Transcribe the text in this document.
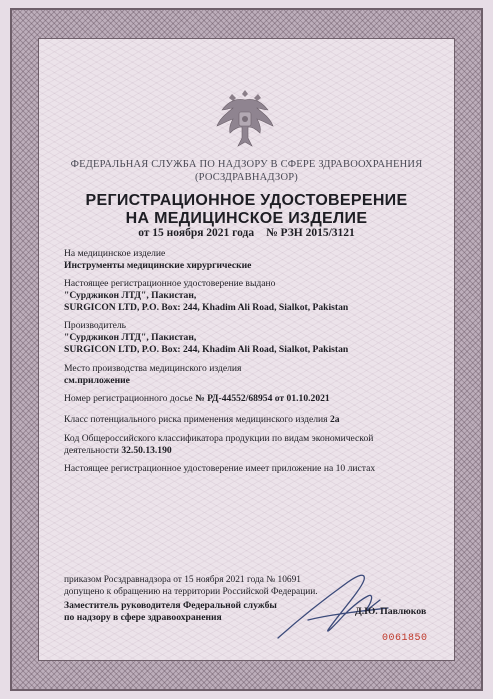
ФЕДЕРАЛЬНАЯ СЛУЖБА ПО НАДЗОРУ В СФЕРЕ ЗДРАВООХРАНЕНИЯ
(РОСЗДРАВНАДЗОР)
РЕГИСТРАЦИОННОЕ УДОСТОВЕРЕНИЕ
НА МЕДИЦИНСКОЕ ИЗДЕЛИЕ
от 15 ноября 2021 года № РЗН 2015/3121
На медицинское изделие
Инструменты медицинские хирургические
Настоящее регистрационное удостоверение выдано
"Сурджикон ЛТД", Пакистан,
SURGICON LTD, P.O. Box: 244, Khadim Ali Road, Sialkot, Pakistan
Производитель
"Сурджикон ЛТД", Пакистан,
SURGICON LTD, P.O. Box: 244, Khadim Ali Road, Sialkot, Pakistan
Место производства медицинского изделия
см.приложение
Номер регистрационного досье № РД-44552/68954 от 01.10.2021
Класс потенциального риска применения медицинского изделия 2а
Код Общероссийского классификатора продукции по видам экономической
деятельности 32.50.13.190
Настоящее регистрационное удостоверение имеет приложение на 10 листах
приказом Росздравнадзора от 15 ноября 2021 года № 10691
допущено к обращению на территории Российской Федерации.
Заместитель руководителя Федеральной службы
по надзору в сфере здравоохранения
Д.Ю. Павлюков
0061850
